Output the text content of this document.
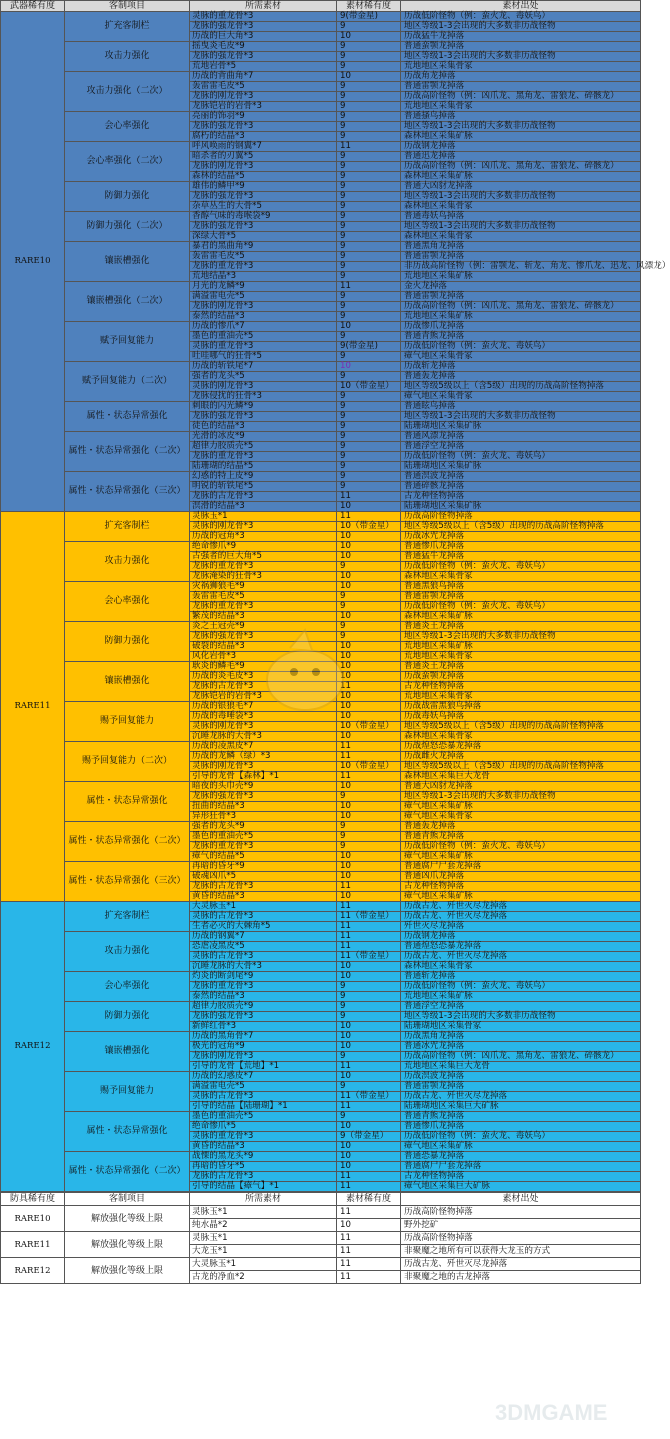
武器稀有度	客制项目	所需素材	素材稀有度	素材出处
RARE10	扩充客制栏	灵脉的重龙骨*3	9(带金星)	历战低阶怪物（例：蛮火龙、毒妖鸟）
		龙脉的强龙骨*3	9	地区等级1-3会出现的大多数非历战怪物
		历战的巨大角*3	10	历战猛牛龙掉落
	攻击力强化	摇曳炎毛皮*9	9	普通蛮颚龙掉落
		龙脉的强龙骨*3	9	地区等级1-3会出现的大多数非历战怪物
		荒地岩骨*5	9	荒地地区采集骨冢
	攻击力强化（二次）	历战的背曲角*7	10	历战角龙掉落
		轰雷雷毛皮*5	9	普通雷颚龙掉落
		龙脉的刚龙骨*3	9	历战高阶怪物（例：凶爪龙、黑角龙、雷狼龙、碎骸龙）
		龙脉铠岩的岩骨*3	9	荒地地区采集骨冢
	会心率强化	亮丽的饰羽*9	9	普通搔鸟掉落
		龙脉的强龙骨*3	9	地区等级1-3会出现的大多数非历战怪物
		腐朽的结晶*3	9	森林地区采集矿脉
	会心率强化（二次）	呼风唤雨的钢翼*7	11	历战钢龙掉落
		暗杀者的刃翼*5	9	普通迅龙掉落
		龙脉的刚龙骨*3	9	历战高阶怪物（例：凶爪龙、黑角龙、雷狼龙、碎骸龙）
		森林的结晶*5	9	森林地区采集矿脉
	防御力强化	雄伟的鳞甲*9	9	普通大凶豺龙掉落
		龙脉的强龙骨*3	9	地区等级1-3会出现的大多数非历战怪物
		杂草丛生的大骨*5	9	森林地区采集骨冢
	防御力强化（二次）	香醇气味的毒喉袋*9	9	普通毒妖鸟掉落
		龙脉的强龙骨*3	9	地区等级1-3会出现的大多数非历战怪物
		深绿大骨*5	9	森林地区采集骨冢
	镶嵌槽强化	暴君的黑曲角*9	9	普通黑角龙掉落
		轰雷雷毛皮*5	9	普通雷颚龙掉落
		龙脉的重龙骨*3	9	非历战高阶怪物（例：雷颚龙、斩龙、角龙、惨爪龙、迅龙、风漂龙）
		荒地结晶*3	9	荒地地区采集矿脉
	镶嵌槽强化（二次）	月光的龙鳞*9	11	金火龙掉落
		满溢雷电壳*5	9	普通雷颚龙掉落
		龙脉的刚龙骨*3	9	历战高阶怪物（例：凶爪龙、黑角龙、雷狼龙、碎骸龙）
		泰然的结晶*3	9	荒地地区采集矿脉
	赋予回复能力	历战的惨爪*7	10	历战惨爪龙掉落
		墨色的重油壳*5	9	普通青熊龙掉落
		灵脉的重龙骨*3	9(带金星)	历战低阶怪物（例：蛮火龙、毒妖鸟）
		吐哇哪气的狂骨*5	9	瘴气地区采集骨冢
	赋予回复能力（二次）	历战的斩铁尾*7	10	历战斩龙掉落
		强者的龙头*5	9	普通轰龙掉落
		灵脉的刚龙骨*3	10（带金星）	地区等级5级以上（含5级）出现的历战高阶怪物掉落
		龙脉侵扰的狂骨*3	9	瘴气地区采集骨冢
	属性・状态异常强化	刺眼的闪光鳞*9	9	普通眩鸟掉落
		龙脉的强龙骨*3	9	地区等级1-3会出现的大多数非历战怪物
		徒色的结晶*3	9	陆珊瑚地区采集矿脉
	属性・状态异常强化（二次）	光滑的冰皮*9	9	普通风漂龙掉落
		超律力胶质壳*5	9	普通浮空龙掉落
		龙脉的重龙骨*3	9	历战低阶怪物（例：蛮火龙、毒妖鸟）
		陆珊瑚的结晶*5	9	陆珊瑚地区采集矿脉
	属性・状态异常强化（三次）	幻惑的特上皮*9	9	普通溟波龙掉落
		明锐的斩铁尾*5	9	普通碎骸龙掉落
		龙脉的古龙骨*3	11	古龙种怪物掉落
		溟滑的结晶*3	10	陆珊瑚地区采集矿脉
RARE11	扩充客制栏	灵脉玉*1	11	历战高阶怪物掉落
		灵脉的刚龙骨*3	10（带金星）	地区等级5级以上（含5级）出现的历战高阶怪物掉落
		历战的冠角*3	10	历战冰咒龙掉落
	攻击力强化	绝命惨爪*9	10	普通惨爪龙掉落
		古强者的巨大角*5	10	普通猛牛龙掉落
		龙脉的重龙骨*3	9	历战低阶怪物（例：蛮火龙、毒妖鸟）
		龙脉淹染的狂骨*3	10	森林地区采集骨冢
	会心率强化	灾祸狮狼毛*9	10	普通黑狼鸟掉落
		轰雷雷毛皮*5	9	普通雷颚龙掉落
		龙脉的重龙骨*3	9	历战低阶怪物（例：蛮火龙、毒妖鸟）
		繁茂的结晶*3	10	森林地区采集矿脉
	防御力强化	炎之王冠壳*9	9	普通炎王龙掉落
		龙脉的强龙骨*3	9	地区等级1-3会出现的大多数非历战怪物
		破裂的结晶*3	10	荒地地区采集矿脉
		风化岩骨*3	10	荒地地区采集骨冢
	镶嵌槽强化	耿炎的鳞毛*9	10	普通炎王龙掉落
		历战的炎毛皮*3	10	历战蛮颚龙掉落
		龙脉的古龙骨*3	11	古龙种怪物掉落
		龙脉铠岩的岩骨*3	10	荒地地区采集骨冢
	赐予回复能力	历战的银狼毛*7	10	历战战雷黑狼鸟掉落
		历战的毒唾袋*3	10	历战毒妖鸟掉落
		灵脉的刚龙骨*3	10（带金星）	地区等级5级以上（含5级）出现的历战高阶怪物掉落
		沉睡龙脉的大骨*3	10	森林地区采集骨冢
	赐予回复能力（二次）	历战的凌黑皮*7	11	历战煌怒恐暴龙掉落
		历战的龙鳞（绿）*3	11	历战雌火龙掉落
		灵脉的刚龙骨*3	10（带金星）	地区等级5级以上（含5级）出现的历战高阶怪物掉落
		引导的龙骨【森林】*1	11	森林地区采集巨大龙骨
	属性・状态异常强化	暗夜的头巾壳*9	10	普通大凶豺龙掉落
		龙脉的强龙骨*3	9	地区等级1-3会出现的大多数非历战怪物
		扭曲的结晶*3	10	瘴气地区采集矿脉
		异形狂骨*3	10	瘴气地区采集骨冢
	属性・状态异常强化（二次）	强者的龙头*9	9	普通轰龙掉落
		墨色的重油壳*5	9	普通青熊龙掉落
		龙脉的重龙骨*3	9	历战低阶怪物（例：蛮火龙、毒妖鸟）
		瘴气的结晶*5	10	瘴气地区采集矿脉
	属性・状态异常强化（三次）	再暗的昏牙*9	10	普通腐尸尸套龙掉落
		破魂凶爪*5	10	普通凶爪龙掉落
		龙脉的古龙骨*3	11	古龙种怪物掉落
		黄昏的结晶*3	10	瘴气地区采集矿脉
RARE12	扩充客制栏	大灵脉玉*1	11	历战古龙、歼世灭尽龙掉落
		灵脉的古龙骨*3	11（带金星）	历战古龙、歼世灭尽龙掉落
		生者必灭的大棘角*5	11	歼世灭尽龙掉落
	攻击力强化	历战的钢翼*7	11	历战钢龙掉落
		恐虐凌黑皮*5	11	普通煌怒恐暴龙掉落
		灵脉的古龙骨*3	11（带金星）	历战古龙、歼世灭尽龙掉落
		沉睡龙脉的大骨*3	10	森林地区采集骨冢
	会心率强化	灼炎的断剑尾*9	10	普通斩龙掉落
		龙脉的重龙骨*3	9	历战低阶怪物（例：蛮火龙、毒妖鸟）
		泰然的结晶*3	9	荒地地区采集矿脉
	防御力强化	超律力胶质壳*9	9	普通浮空龙掉落
		龙脉的强龙骨*3	9	地区等级1-3会出现的大多数非历战怪物
		新鲜红骨*3	10	陆珊瑚地区采集骨冢
	镶嵌槽强化	历战的黑角骨*7	10	历战黑角龙掉落
		极光的冠角*9	10	普通冰咒龙掉落
		龙脉的刚龙骨*3	9	历战高阶怪物（例：凶爪龙、黑角龙、雷狼龙、碎骸龙）
		引导的龙骨【荒地】*1	11	荒地地区采集巨大龙骨
	赐予回复能力	历战的幻惑皮*7	10	历战溟波龙掉落
		满溢雷电壳*5	9	普通雷颚龙掉落
		灵脉的古龙骨*3	11（带金星）	历战古龙、歼世灭尽龙掉落
		引导的结晶【陆珊瑚】*1	11	陆珊瑚地区采集巨大矿脉
	属性・状态异常强化	墨色的重油壳*5	9	普通青熊龙掉落
		绝命惨爪*5	10	普通惨爪龙掉落
		灵脉的重龙骨*3	9（带金星）	历战低阶怪物（例：蛮火龙、毒妖鸟）
		黄昏的结晶*3	10	瘴气地区采集矿脉
	属性・状态异常强化（二次）	战慄的黑龙头*9	10	普通恐暴龙掉落
		再暗的昏牙*5	10	普通腐尸尸套龙掉落
		龙脉的古龙骨*3	11	古龙种怪物掉落
		引导的结晶【瘴气】*1	11	瘴气地区采集巨大矿脉
防具稀有度	客制项目	所需素材	素材稀有度	素材出处
RARE10	解放强化等级上限	灵脉玉*1	11	历战高阶怪物掉落
		纯水晶*2	10	野外挖矿
RARE11	解放强化等级上限	灵脉玉*1	11	历战高阶怪物掉落
		大龙玉*1	11	非聚魔之地所有可以获得大龙玉的方式
RARE12	解放强化等级上限	大灵脉玉*1	11	历战古龙、歼世灭尽龙掉落
		古龙的净血*2	11	非聚魔之地的古龙掉落
3DMGAME
